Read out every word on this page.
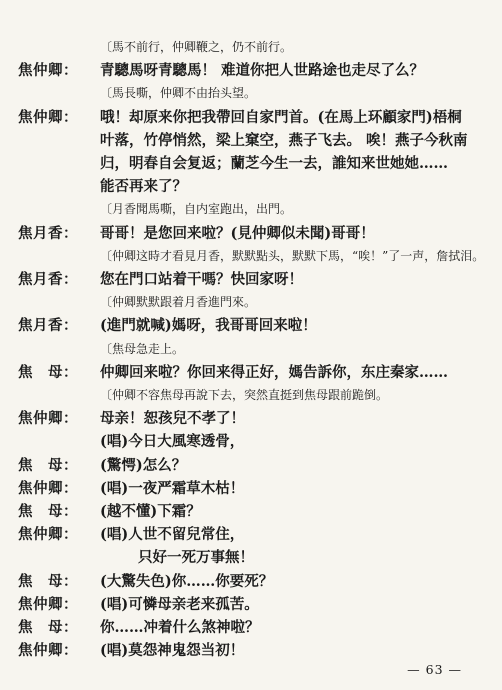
〔馬不前行，仲卿鞭之，仍不前行。
焦仲卿： 青驄馬呀青驄馬！ 难道你把人世路途也走尽了么？
〔馬長嘶，仲卿不由抬头望。
焦仲卿： 哦！却原来你把我帶回自家門首。(在馬上环顧家門)梧桐
叶落，竹停悄然，梁上窠空，燕子飞去。 唉！燕子今秋南
归，明春自会复返；蘭芝今生一去，誰知来世她她……
能否再来了？
〔月香聞馬嘶，自内室跑出，出門。
焦月香： 哥哥！是您回来啦？(見仲卿似未聞)哥哥！
〔仲卿这時才看見月香，默默點头，默默下馬，“唉！”了一声，詹拭泪。
焦月香： 您在門口站着干嗎？快回家呀！
〔仲卿默默跟着月香進門來。
焦月香： (進門就喊)媽呀，我哥哥回来啦！
〔焦母急走上。
焦　母： 仲卿回来啦？你回来得正好，媽告訴你，东庄秦家……
〔仲卿不容焦母再說下去，突然直挺到焦母跟前跪倒。
焦仲卿： 母亲！恕孩兒不孝了！
(唱)今日大風寒透骨，
焦　母： (驚愕)怎么？
焦仲卿： (唱)一夜严霜草木枯！
焦　母： (越不懂)下霜？
焦仲卿： (唱)人世不留兒常住，
只好一死万事無！
焦　母： (大驚失色)你……你要死？
— 63 —
焦仲卿： (唱)可憐母亲老来孤苦。
焦　母： 你……冲着什么煞神啦？
焦仲卿： (唱)莫怨神鬼怨当初！
